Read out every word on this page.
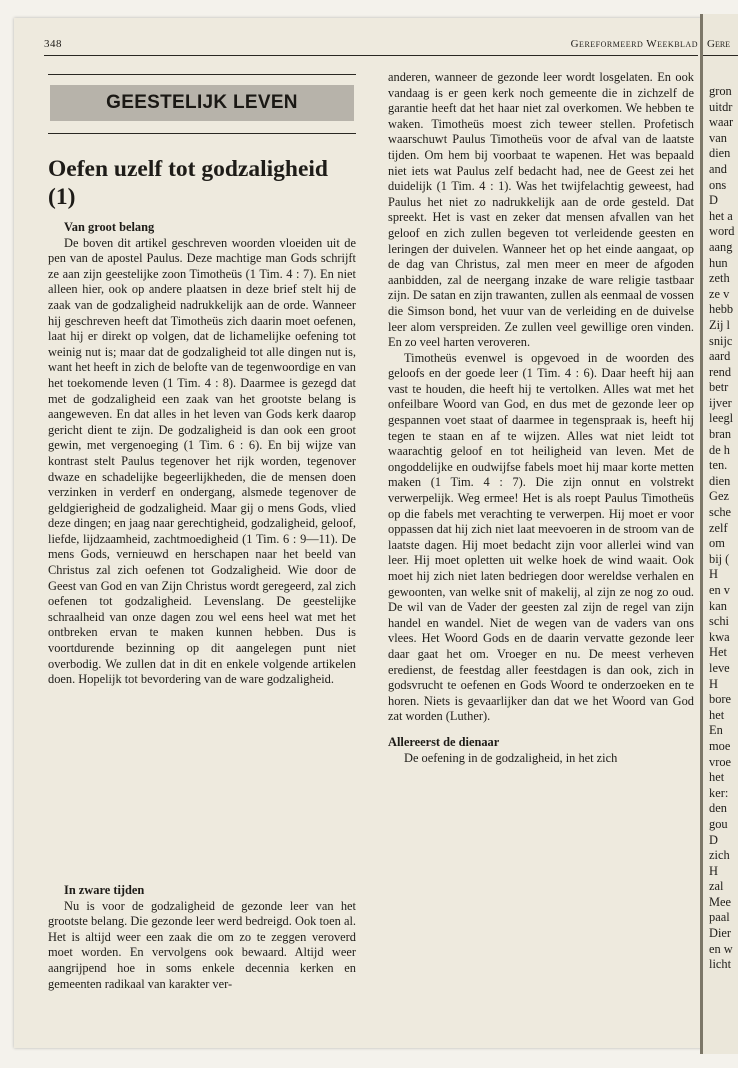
348	Gereformeerd Weekblad
GEESTELIJK LEVEN
Oefen uzelf tot godzaligheid (1)

Van groot belang

De boven dit artikel geschreven woorden vloeiden uit de pen van de apostel Paulus. Deze machtige man Gods schrijft ze aan zijn geestelijke zoon Timotheüs (1 Tim. 4 : 7). En niet alleen hier, ook op andere plaatsen in deze brief stelt hij de zaak van de godzaligheid nadrukkelijk aan de orde. Wanneer hij geschreven heeft dat Timotheüs zich daarin moet oefenen, laat hij er direkt op volgen, dat de lichamelijke oefening tot weinig nut is; maar dat de godzaligheid tot alle dingen nut is, want het heeft in zich de belofte van de tegenwoordige en van het toekomende leven (1 Tim. 4 : 8). Daarmee is gezegd dat met de godzaligheid een zaak van het grootste belang is aangeweven. En dat alles in het leven van Gods kerk daarop gericht dient te zijn. De godzaligheid is dan ook een groot gewin, met vergenoeging (1 Tim. 6 : 6). En bij wijze van kontrast stelt Paulus tegenover het rijk worden, tegenover dwaze en schadelijke begeerlijkheden, die de mensen doen verzinken in verderf en ondergang, alsmede tegenover de geldgierigheid de godzaligheid. Maar gij o mens Gods, vlied deze dingen; en jaag naar gerechtigheid, godzaligheid, geloof, liefde, lijdzaamheid, zachtmoedigheid (1 Tim. 6 : 9—11). De mens Gods, vernieuwd en herschapen naar het beeld van Christus zal zich oefenen tot Godzaligheid. Wie door de Geest van God en van Zijn Christus wordt geregeerd, zal zich oefenen tot godzaligheid. Levenslang. De geestelijke schraalheid van onze dagen zou wel eens heel wat met het ontbreken ervan te maken kunnen hebben. Dus is voortdurende bezinning op dit aangelegen punt niet overbodig. We zullen dat in dit en enkele volgende artikelen doen. Hopelijk tot bevordering van de ware godzaligheid.

In zware tijden

Nu is voor de godzaligheid de gezonde leer van het grootste belang. Die gezonde leer werd bedreigd. Ook toen al. Het is altijd weer een zaak die om zo te zeggen veroverd moet worden. En vervolgens ook bewaard. Altijd weer aangrijpend hoe in soms enkele decennia kerken en gemeenten radikaal van karakter ver-

anderen, wanneer de gezonde leer wordt losgelaten. En ook vandaag is er geen kerk noch gemeente die in zichzelf de garantie heeft dat het haar niet zal overkomen. We hebben te waken. Timotheüs moest zich teweer stellen. Profetisch waarschuwt Paulus Timotheüs voor de afval van de laatste tijden. Om hem bij voorbaat te wapenen. Het was bepaald niet iets wat Paulus zelf bedacht had, nee de Geest zei het duidelijk (1 Tim. 4 : 1). Was het twijfelachtig geweest, had Paulus het niet zo nadrukkelijk aan de orde gesteld. Dat spreekt. Het is vast en zeker dat mensen afvallen van het geloof en zich zullen begeven tot verleidende geesten en leringen der duivelen. Wanneer het op het einde aangaat, op de dag van Christus, zal men meer en meer de afgoden aanbidden, zal de neergang inzake de ware religie tastbaar zijn. De satan en zijn trawanten, zullen als eenmaal de vossen die Simson bond, het vuur van de verleiding en de duivelse leer alom verspreiden. Ze zullen veel gewillige oren vinden. En zo veel harten veroveren.

Timotheüs evenwel is opgevoed in de woorden des geloofs en der goede leer (1 Tim. 4 : 6). Daar heeft hij aan vast te houden, die heeft hij te vertolken. Alles wat met het onfeilbare Woord van God, en dus met de gezonde leer op gespannen voet staat of daarmee in tegenspraak is, heeft hij tegen te staan en af te wijzen. Alles wat niet leidt tot waarachtig geloof en tot heiligheid van leven. Met de ongoddelijke en oudwijfse fabels moet hij maar korte metten maken (1 Tim. 4 : 7). Die zijn onnut en volstrekt verwerpelijk. Weg ermee! Het is als roept Paulus Timotheüs op die fabels met verachting te verwerpen. Hij moet er voor oppassen dat hij zich niet laat meevoeren in de stroom van de laatste dagen. Hij moet bedacht zijn voor allerlei wind van leer. Hij moet opletten uit welke hoek de wind waait. Ook moet hij zich niet laten bedriegen door wereldse verhalen en gewoonten, van welke snit of makelij, al zijn ze nog zo oud. De wil van de Vader der geesten zal zijn de regel van zijn handel en wandel. Niet de wegen van de vaders van ons vlees. Het Woord Gods en de daarin vervatte gezonde leer daar gaat het om. Vroeger en nu. De meest verheven eredienst, de feestdag aller feestdagen is dan ook, zich in godsvrucht te oefenen en Gods Woord te onderzoeken en te horen. Niets is gevaarlijker dan dat we het Woord van God zat worden (Luther).

Allereerst de dienaar

De oefening in de godzaligheid, in het zich

Gere
gron
uitdr
waar
van
dien
and
ons
D
het a
word
aang
hun
zeth
ze v
hebb
Zij l
snijc
aard
rend
betr
ijver
leegl
bran
de h
ten.
dien
Gez
sche
zelf
om
bij (
H
en v
kan
schi
kwa
Het
leve
H
bore
het
En
moe
vroe
het
ker:
den
gou
D
zich
H
zal
Mee
paal
Dier
en w
licht
